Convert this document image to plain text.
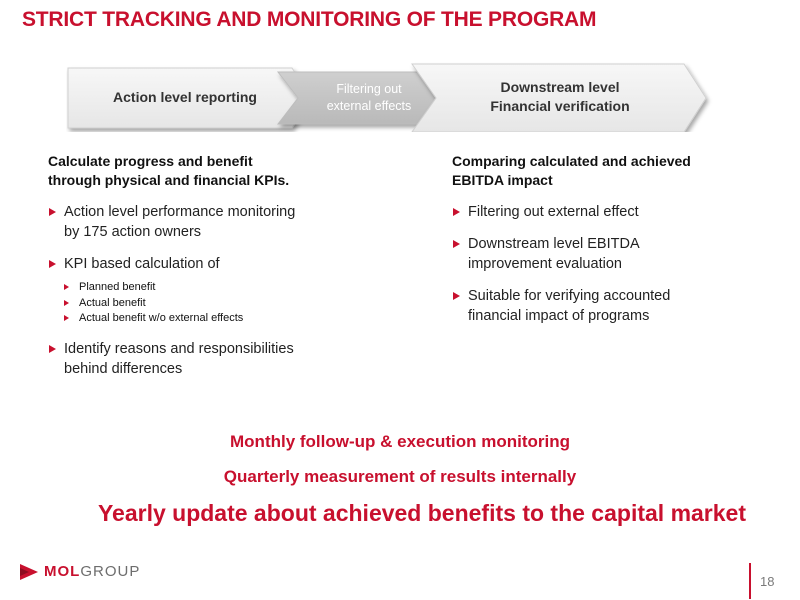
STRICT TRACKING AND MONITORING OF THE PROGRAM
Action level reporting	Filtering out
external effects
Downstream level
Financial verification
Calculate progress and benefit
through physical and financial KPIs.
Action level performance monitoring
by 175 action owners
KPI based calculation of
Planned benefit
Actual benefit
Actual benefit w/o external effects
Identify reasons and responsibilities
behind differences
Comparing calculated and achieved
EBITDA impact
Filtering out external effect
Downstream level EBITDA
improvement evaluation
Suitable for verifying accounted
financial impact of programs
Monthly follow-up & execution monitoring
Quarterly measurement of results internally
Yearly update about achieved benefits to the capital market
MOLGROUP
18
